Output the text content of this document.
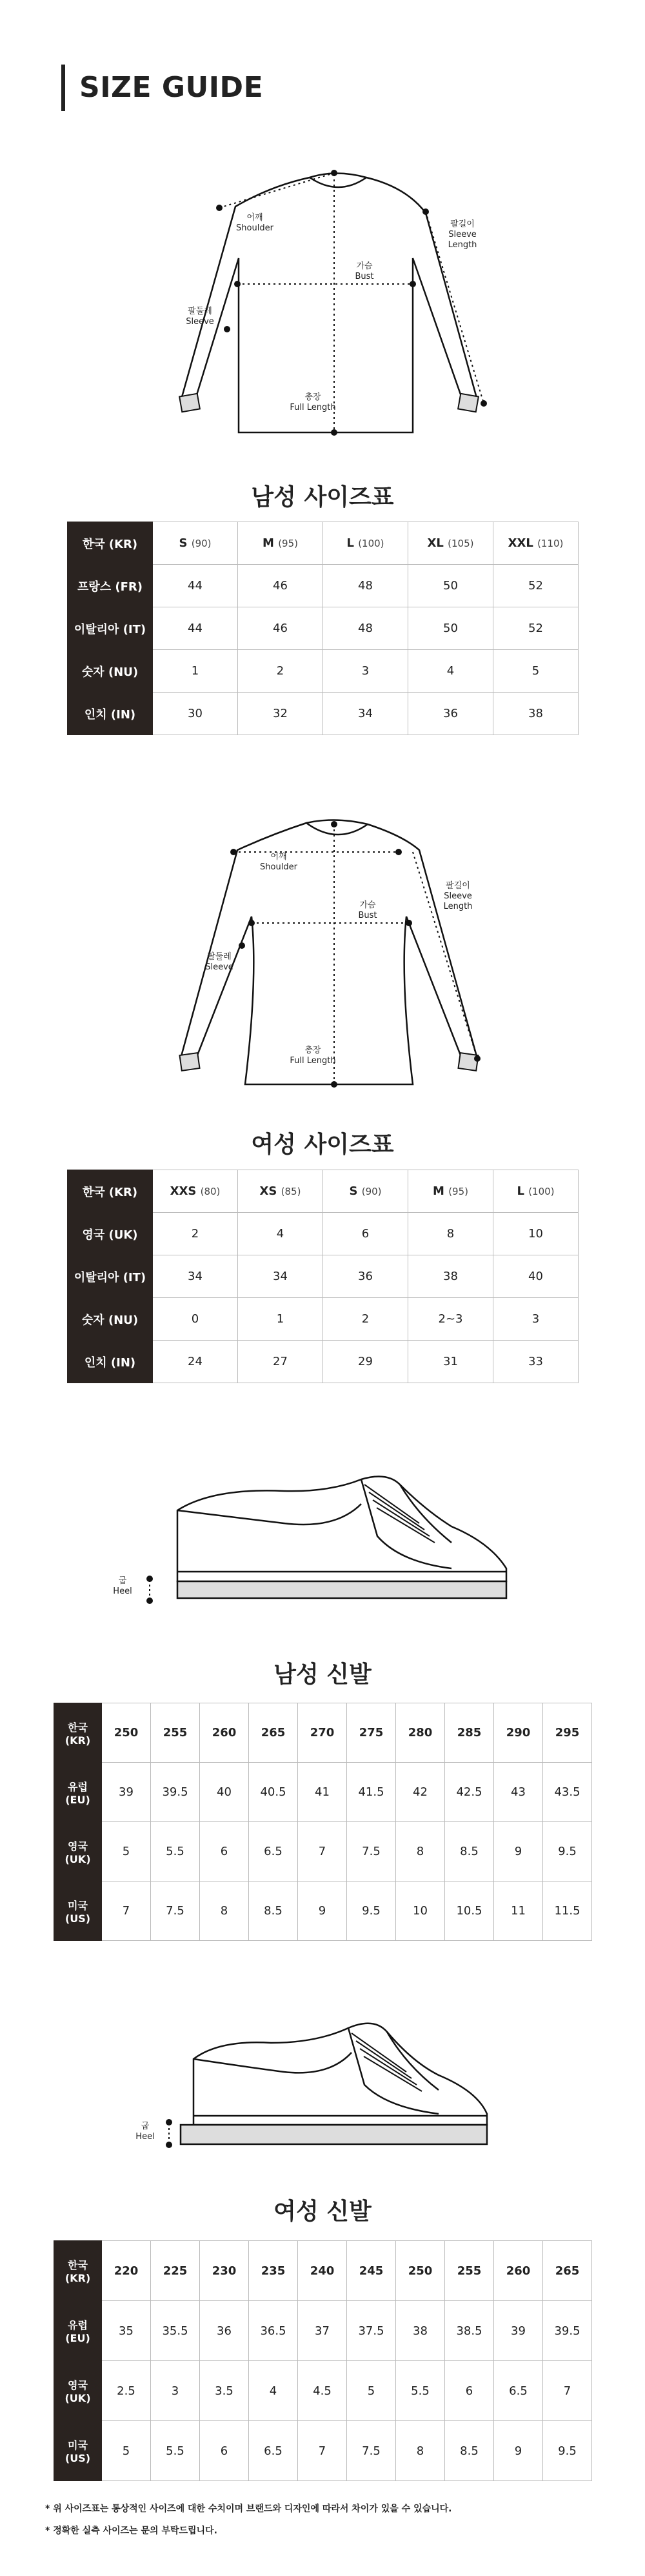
SIZE GUIDE
어깨
Shoulder
가슴
Bust
팔둘레
Sleeve
팔길이
Sleeve
Length
총장
Full Length
남성 사이즈표
한국 (KR)	S (90)	M (95)	L (100)	XL (105)	XXL (110)
프랑스 (FR)	44	46	48	50	52
이탈리아 (IT)	44	46	48	50	52
숫자 (NU)	1	2	3	4	5
인치 (IN)	30	32	34	36	38
어깨
Shoulder
가슴
Bust
팔둘레
Sleeve
팔길이
Sleeve
Length
총장
Full Length
여성 사이즈표
한국 (KR)	XXS (80)	XS (85)	S (90)	M (95)	L (100)
영국 (UK)	2	4	6	8	10
이탈리아 (IT)	34	34	36	38	40
숫자 (NU)	0	1	2	2~3	3
인치 (IN)	24	27	29	31	33
굽
Heel
남성 신발
한국
(KR)	250	255	260	265	270	275	280	285	290	295
유럽
(EU)	39	39.5	40	40.5	41	41.5	42	42.5	43	43.5
영국
(UK)	5	5.5	6	6.5	7	7.5	8	8.5	9	9.5
미국
(US)	7	7.5	8	8.5	9	9.5	10	10.5	11	11.5
굽
Heel
여성 신발
한국
(KR)	220	225	230	235	240	245	250	255	260	265
유럽
(EU)	35	35.5	36	36.5	37	37.5	38	38.5	39	39.5
영국
(UK)	2.5	3	3.5	4	4.5	5	5.5	6	6.5	7
미국
(US)	5	5.5	6	6.5	7	7.5	8	8.5	9	9.5
* 위 사이즈표는 통상적인 사이즈에 대한 수치이며 브랜드와 디자인에 따라서 차이가 있을 수 있습니다.
* 정확한 실측 사이즈는 문의 부탁드립니다.
